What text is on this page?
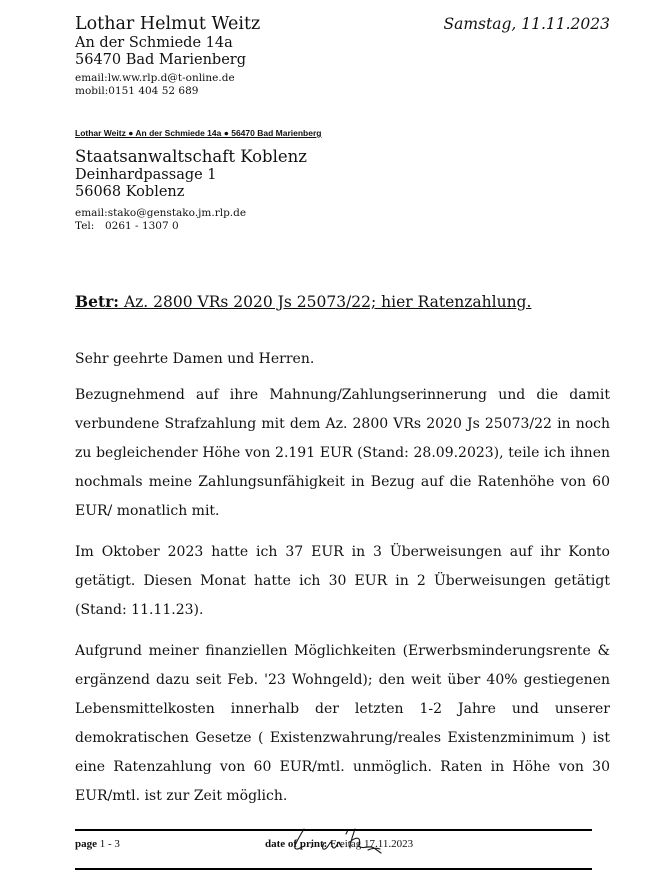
Lothar Helmut Weitz
An der Schmiede 14a
56470 Bad Marienberg
email:lw.ww.rlp.d@t-online.de
mobil:0151 404 52 689
Samstag, 11.11.2023
Lothar Weitz ● An der Schmiede 14a ● 56470 Bad Marienberg
Staatsanwaltschaft Koblenz
Deinhardpassage 1
56068 Koblenz
email:stako@genstako.jm.rlp.de
Tel: 0261 - 1307 0
Betr: Az. 2800 VRs 2020 Js 25073/22; hier Ratenzahlung.
Sehr geehrte Damen und Herren.

Bezugnehmend auf ihre Mahnung/Zahlungserinnerung und die damit verbundene Strafzahlung mit dem Az. 2800 VRs 2020 Js 25073/22 in noch zu begleichender Höhe von 2.191 EUR (Stand: 28.09.2023), teile ich ihnen nochmals meine Zahlungsunfähigkeit in Bezug auf die Ratenhöhe von 60 EUR/ monatlich mit.

Im Oktober 2023 hatte ich 37 EUR in 3 Überweisungen auf ihr Konto getätigt. Diesen Monat hatte ich 30 EUR in 2 Überweisungen getätigt (Stand: 11.11.23).

Aufgrund meiner finanziellen Möglichkeiten (Erwerbsminderungsrente & ergänzend dazu seit Feb. '23 Wohngeld); den weit über 40% gestiegenen Lebensmittelkosten innerhalb der letzten 1-2 Jahre und unserer demokratischen Gesetze ( Existenzwahrung/reales Existenzminimum ) ist eine Ratenzahlung von 60 EUR/mtl. unmöglich. Raten in Höhe von 30 EUR/mtl. ist zur Zeit möglich.

page 1 - 3	date of print: Freitag 17.11.2023
